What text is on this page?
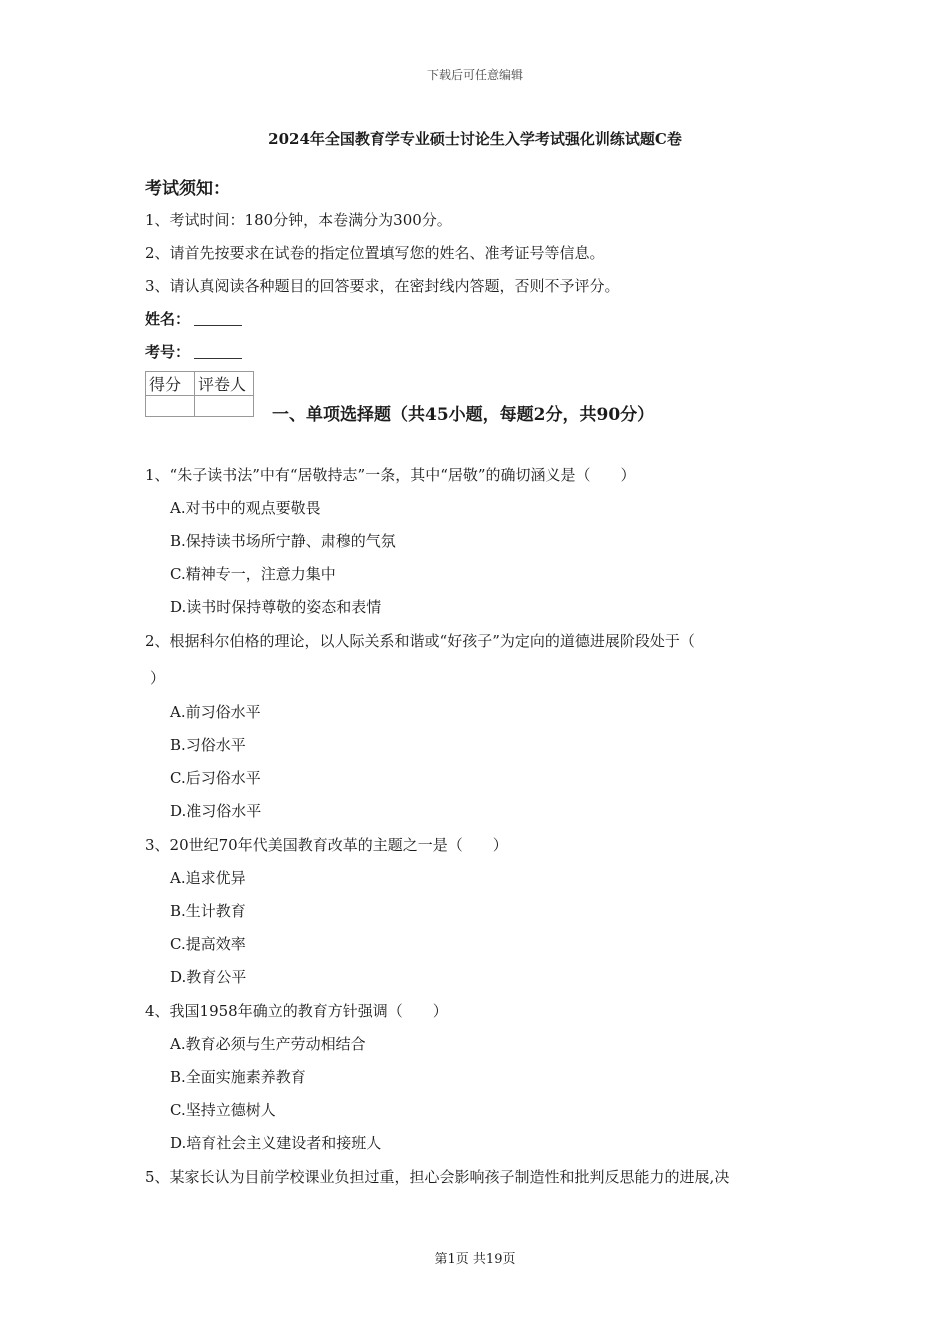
下载后可任意编辑
2024年全国教育学专业硕士讨论生入学考试强化训练试题C卷
考试须知：
1、考试时间：180分钟，本卷满分为300分。
2、请首先按要求在试卷的指定位置填写您的姓名、准考证号等信息。
3、请认真阅读各种题目的回答要求，在密封线内答题，否则不予评分。
姓名：
考号：
得分	评卷人

一、单项选择题（共45小题，每题2分，共90分）
1、“朱子读书法”中有“居敬持志”一条，其中“居敬”的确切涵义是（　　）
A.对书中的观点要敬畏
B.保持读书场所宁静、肃穆的气氛
C.精神专一，注意力集中
D.读书时保持尊敬的姿态和表情
2、根据科尔伯格的理论，以人际关系和谐或“好孩子”为定向的道德进展阶段处于（
）
A.前习俗水平
B.习俗水平
C.后习俗水平
D.准习俗水平
3、20世纪70年代美国教育改革的主题之一是（　　）
A.追求优异
B.生计教育
C.提高效率
D.教育公平
4、我国1958年确立的教育方针强调（　　）
A.教育必须与生产劳动相结合
B.全面实施素养教育
C.坚持立德树人
D.培育社会主义建设者和接班人
5、某家长认为目前学校课业负担过重，担心会影响孩子制造性和批判反思能力的进展,决
第1页 共19页
